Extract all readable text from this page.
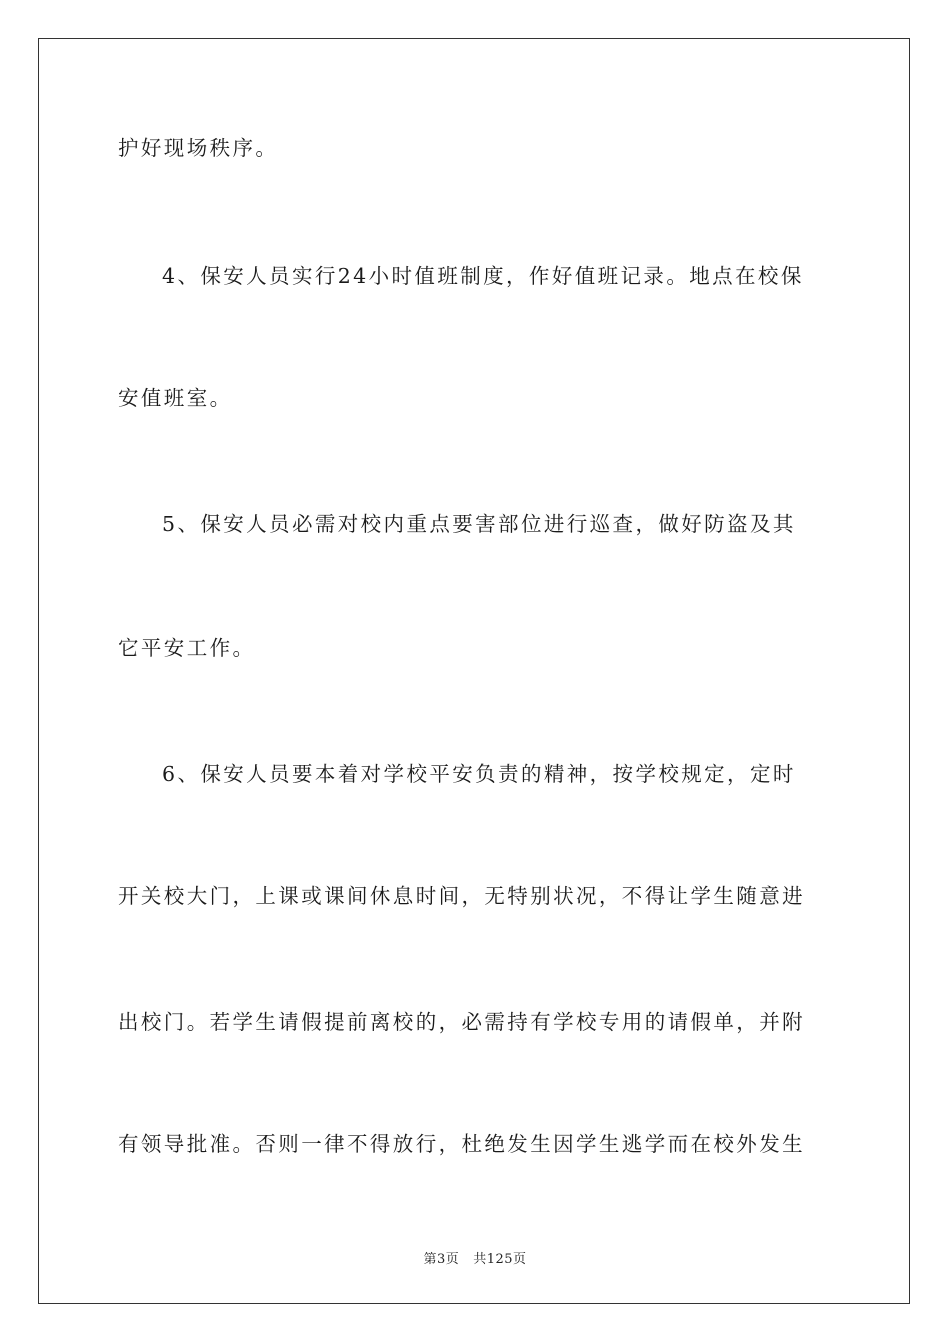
护好现场秩序。
4、保安人员实行24小时值班制度，作好值班记录。地点在校保
安值班室。
5、保安人员必需对校内重点要害部位进行巡查，做好防盗及其
它平安工作。
6、保安人员要本着对学校平安负责的精神，按学校规定，定时
开关校大门，上课或课间休息时间，无特别状况，不得让学生随意进
出校门。若学生请假提前离校的，必需持有学校专用的请假单，并附
有领导批准。否则一律不得放行，杜绝发生因学生逃学而在校外发生
第3页 共125页
